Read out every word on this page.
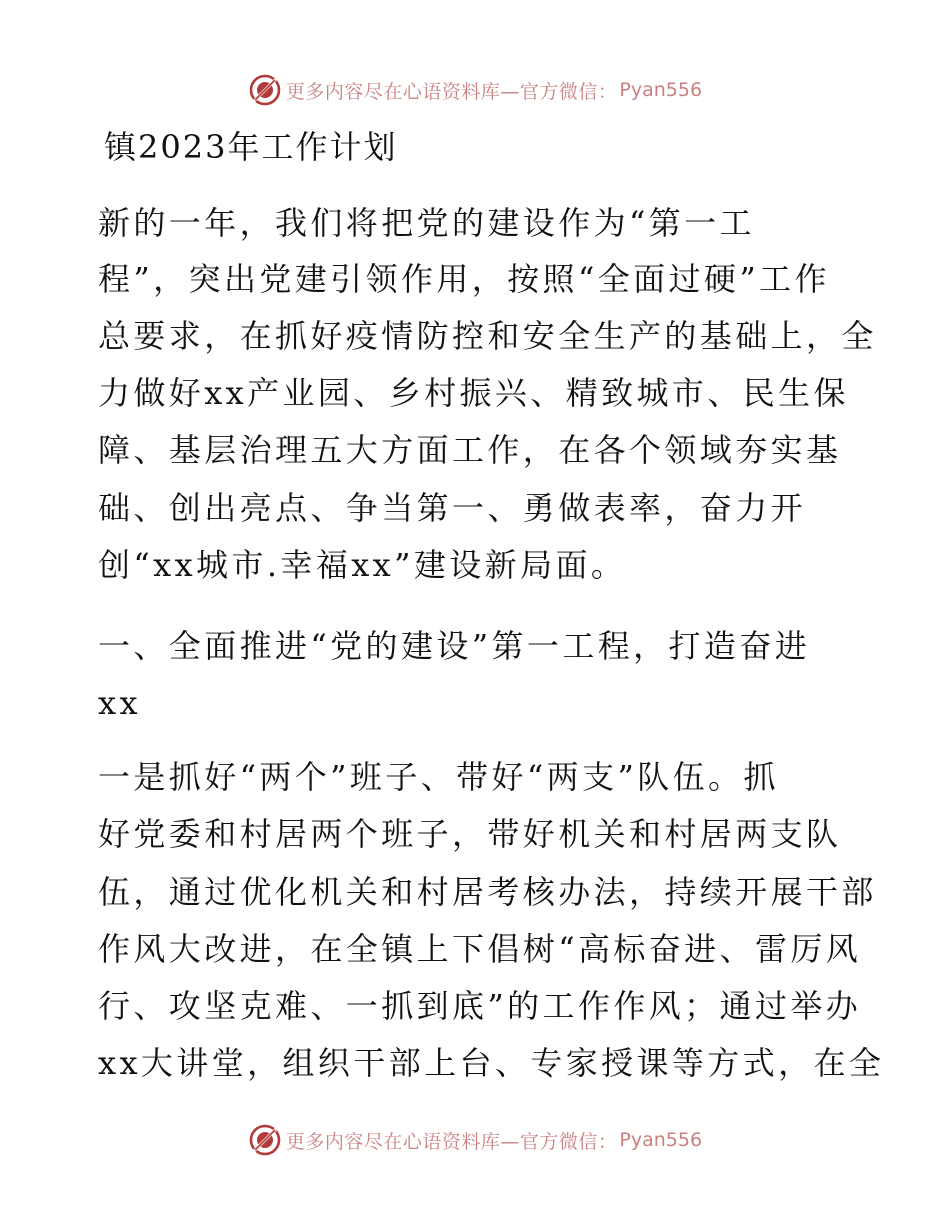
更多内容尽在心语资料库—官方微信： Pyan556
镇2023年工作计划
新的一年，我们将把党的建设作为“第一工
程”，突出党建引领作用，按照“全面过硬”工作
总要求，在抓好疫情防控和安全生产的基础上，全
力做好xx产业园、乡村振兴、精致城市、民生保
障、基层治理五大方面工作，在各个领域夯实基
础、创出亮点、争当第一、勇做表率，奋力开
创“xx城市.幸福xx”建设新局面。
一、全面推进“党的建设”第一工程，打造奋进
xx
一是抓好“两个”班子、带好“两支”队伍。抓
好党委和村居两个班子，带好机关和村居两支队
伍，通过优化机关和村居考核办法，持续开展干部
作风大改进，在全镇上下倡树“高标奋进、雷厉风
行、攻坚克难、一抓到底”的工作作风；通过举办
xx大讲堂，组织干部上台、专家授课等方式，在全
更多内容尽在心语资料库—官方微信： Pyan556
